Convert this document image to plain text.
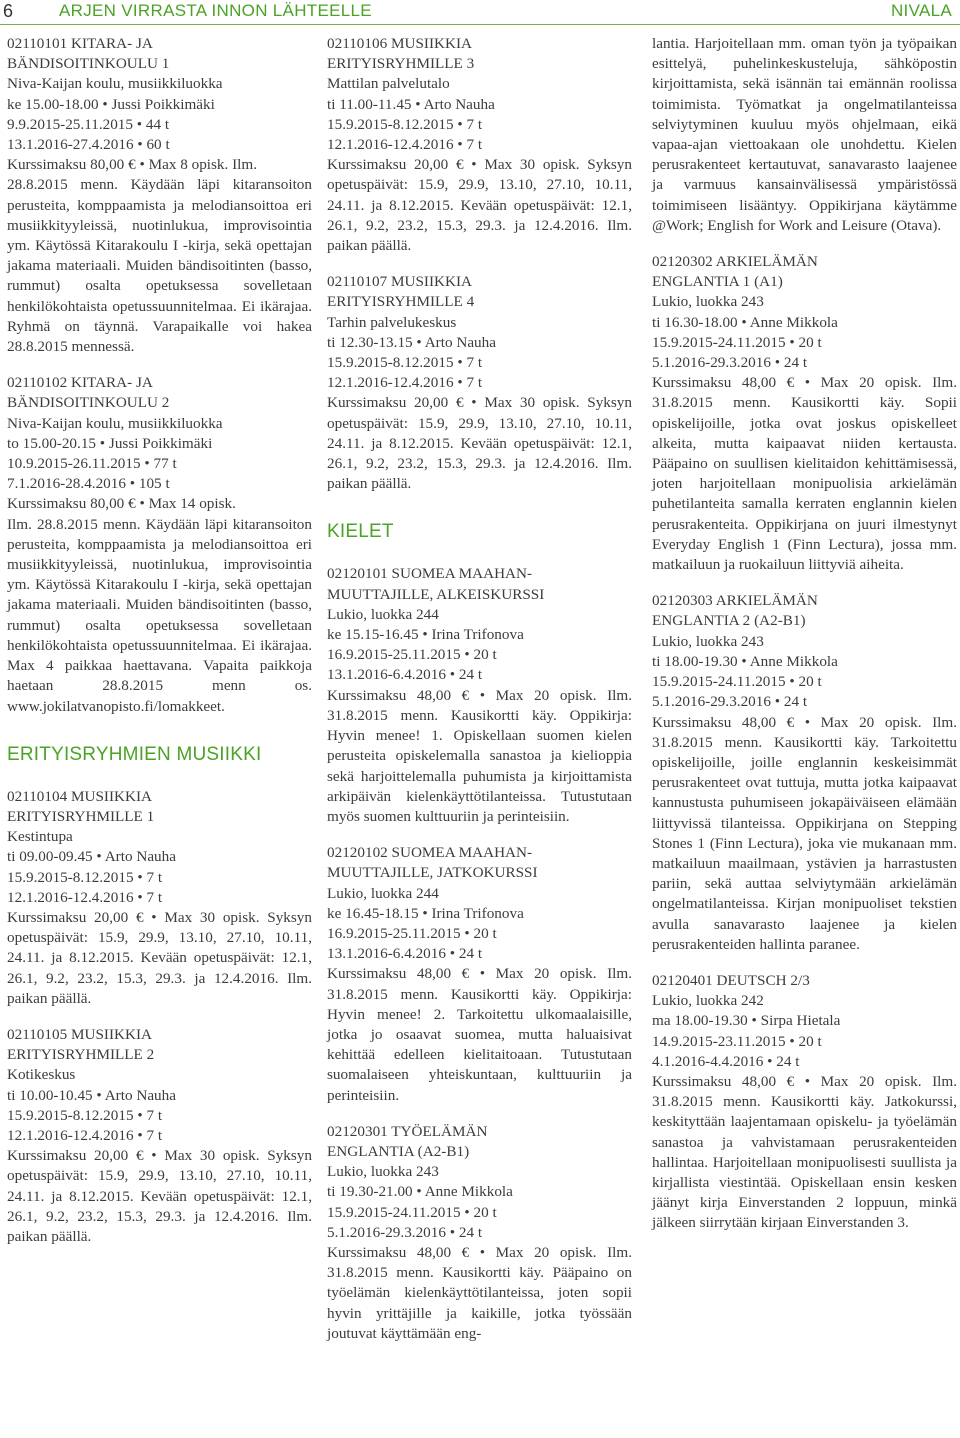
6	ARJEN VIRRASTA INNON LÄHTEELLE	NIVALA
02110101 KITARA- JA
BÄNDISOITINKOULU 1
Niva-Kaijan koulu, musiikkiluokka
ke 15.00-18.00 • Jussi Poikkimäki
9.9.2015-25.11.2015 • 44 t
13.1.2016-27.4.2016 • 60 t
Kurssimaksu 80,00 € • Max 8 opisk. Ilm.
28.8.2015 menn. Käydään läpi kitaransoiton perusteita, komppaamista ja melodiansoittoa eri musiikkityyleissä, nuotinlukua, improvisointia ym. Käytössä Kitarakoulu I -kirja, sekä opettajan jakama materiaali. Muiden bändisoitinten (basso, rummut) osalta opetuksessa sovelletaan henkilökohtaista opetussuunnitelmaa. Ei ikärajaa. Ryhmä on täynnä. Varapaikalle voi hakea 28.8.2015 mennessä.
02110102 KITARA- JA
BÄNDISOITINKOULU 2
Niva-Kaijan koulu, musiikkiluokka
to 15.00-20.15 • Jussi Poikkimäki
10.9.2015-26.11.2015 • 77 t
7.1.2016-28.4.2016 • 105 t
Kurssimaksu 80,00 € • Max 14 opisk.
Ilm. 28.8.2015 menn. Käydään läpi kitaransoiton perusteita, komppaamista ja melodiansoittoa eri musiikkityyleissä, nuotinlukua, improvisointia ym. Käytössä Kitarakoulu I -kirja, sekä opettajan jakama materiaali. Muiden bändisoitinten (basso, rummut) osalta opetuksessa sovelletaan henkilökohtaista opetussuunnitelmaa. Ei ikärajaa. Max 4 paikkaa haettavana. Vapaita paikkoja haetaan 28.8.2015 menn os. www.jokilatvanopisto.fi/lomakkeet.
ERITYISRYHMIEN MUSIIKKI
02110104 MUSIIKKIA
ERITYISRYHMILLE 1
Kestintupa
ti 09.00-09.45 • Arto Nauha
15.9.2015-8.12.2015 • 7 t
12.1.2016-12.4.2016 • 7 t
Kurssimaksu 20,00 € • Max 30 opisk. Syksyn opetuspäivät: 15.9, 29.9, 13.10, 27.10, 10.11, 24.11. ja 8.12.2015. Kevään opetuspäivät: 12.1, 26.1, 9.2, 23.2, 15.3, 29.3. ja 12.4.2016. Ilm. paikan päällä.
02110105 MUSIIKKIA
ERITYISRYHMILLE 2
Kotikeskus
ti 10.00-10.45 • Arto Nauha
15.9.2015-8.12.2015 • 7 t
12.1.2016-12.4.2016 • 7 t
Kurssimaksu 20,00 € • Max 30 opisk. Syksyn opetuspäivät: 15.9, 29.9, 13.10, 27.10, 10.11, 24.11. ja 8.12.2015. Kevään opetuspäivät: 12.1, 26.1, 9.2, 23.2, 15.3, 29.3. ja 12.4.2016. Ilm. paikan päällä.
02110106 MUSIIKKIA
ERITYISRYHMILLE 3
Mattilan palvelutalo
ti 11.00-11.45 • Arto Nauha
15.9.2015-8.12.2015 • 7 t
12.1.2016-12.4.2016 • 7 t
Kurssimaksu 20,00 € • Max 30 opisk. Syksyn opetuspäivät: 15.9, 29.9, 13.10, 27.10, 10.11, 24.11. ja 8.12.2015. Kevään opetuspäivät: 12.1, 26.1, 9.2, 23.2, 15.3, 29.3. ja 12.4.2016. Ilm. paikan päällä.
02110107 MUSIIKKIA
ERITYISRYHMILLE 4
Tarhin palvelukeskus
ti 12.30-13.15 • Arto Nauha
15.9.2015-8.12.2015 • 7 t
12.1.2016-12.4.2016 • 7 t
Kurssimaksu 20,00 € • Max 30 opisk. Syksyn opetuspäivät: 15.9, 29.9, 13.10, 27.10, 10.11, 24.11. ja 8.12.2015. Kevään opetuspäivät: 12.1, 26.1, 9.2, 23.2, 15.3, 29.3. ja 12.4.2016. Ilm. paikan päällä.
KIELET
02120101 SUOMEA MAAHAN-
MUUTTAJILLE, ALKEISKURSSI
Lukio, luokka 244
ke 15.15-16.45 • Irina Trifonova
16.9.2015-25.11.2015 • 20 t
13.1.2016-6.4.2016 • 24 t
Kurssimaksu 48,00 € • Max 20 opisk. Ilm. 31.8.2015 menn. Kausikortti käy. Oppikirja: Hyvin menee! 1. Opiskellaan suomen kielen perusteita opiskelemalla sanastoa ja kielioppia sekä harjoittelemalla puhumista ja kirjoittamista arkipäivän kielenkäyttötilanteissa. Tutustutaan myös suomen kulttuuriin ja perinteisiin.
02120102 SUOMEA MAAHAN-
MUUTTAJILLE, JATKOKURSSI
Lukio, luokka 244
ke 16.45-18.15 • Irina Trifonova
16.9.2015-25.11.2015 • 20 t
13.1.2016-6.4.2016 • 24 t
Kurssimaksu 48,00 € • Max 20 opisk. Ilm. 31.8.2015 menn. Kausikortti käy. Oppikirja: Hyvin menee! 2. Tarkoitettu ulkomaalaisille, jotka jo osaavat suomea, mutta haluaisivat kehittää edelleen kielitaitoaan. Tutustutaan suomalaiseen yhteiskuntaan, kulttuuriin ja perinteisiin.
02120301 TYÖELÄMÄN
ENGLANTIA (A2-B1)
Lukio, luokka 243
ti 19.30-21.00 • Anne Mikkola
15.9.2015-24.11.2015 • 20 t
5.1.2016-29.3.2016 • 24 t
Kurssimaksu 48,00 € • Max 20 opisk. Ilm. 31.8.2015 menn. Kausikortti käy. Pääpaino on työelämän kielenkäyttötilanteissa, joten sopii hyvin yrittäjille ja kaikille, jotka työssään joutuvat käyttämään eng-
lantia. Harjoitellaan mm. oman työn ja työpaikan esittelyä, puhelinkeskusteluja, sähköpostin kirjoittamista, sekä isännän tai emännän roolissa toimimista. Työmatkat ja ongelmatilanteissa selviytyminen kuuluu myös ohjelmaan, eikä vapaa-ajan viettoakaan ole unohdettu. Kielen perusrakenteet kertautuvat, sanavarasto laajenee ja varmuus kansainvälisessä ympäristössä toimimiseen lisääntyy. Oppikirjana käytämme @Work; English for Work and Leisure (Otava).
02120302 ARKIELÄMÄN
ENGLANTIA 1 (A1)
Lukio, luokka 243
ti 16.30-18.00 • Anne Mikkola
15.9.2015-24.11.2015 • 20 t
5.1.2016-29.3.2016 • 24 t
Kurssimaksu 48,00 € • Max 20 opisk. Ilm. 31.8.2015 menn. Kausikortti käy. Sopii opiskelijoille, jotka ovat joskus opiskelleet alkeita, mutta kaipaavat niiden kertausta. Pääpaino on suullisen kielitaidon kehittämisessä, joten harjoitellaan monipuolisia arkielämän puhetilanteita samalla kerraten englannin kielen perusrakenteita. Oppikirjana on juuri ilmestynyt Everyday English 1 (Finn Lectura), jossa mm. matkailuun ja ruokailuun liittyviä aiheita.
02120303 ARKIELÄMÄN
ENGLANTIA 2 (A2-B1)
Lukio, luokka 243
ti 18.00-19.30 • Anne Mikkola
15.9.2015-24.11.2015 • 20 t
5.1.2016-29.3.2016 • 24 t
Kurssimaksu 48,00 € • Max 20 opisk. Ilm. 31.8.2015 menn. Kausikortti käy. Tarkoitettu opiskelijoille, joille englannin keskeisimmät perusrakenteet ovat tuttuja, mutta jotka kaipaavat kannustusta puhumiseen jokapäiväiseen elämään liittyvissä tilanteissa. Oppikirjana on Stepping Stones 1 (Finn Lectura), joka vie mukanaan mm. matkailuun maailmaan, ystävien ja harrastusten pariin, sekä auttaa selviytymään arkielämän ongelmatilanteissa. Kirjan monipuoliset tekstien avulla sanavarasto laajenee ja kielen perusrakenteiden hallinta paranee.
02120401 DEUTSCH 2/3
Lukio, luokka 242
ma 18.00-19.30 • Sirpa Hietala
14.9.2015-23.11.2015 • 20 t
4.1.2016-4.4.2016 • 24 t
Kurssimaksu 48,00 € • Max 20 opisk. Ilm. 31.8.2015 menn. Kausikortti käy. Jatkokurssi, keskityttään laajentamaan opiskelu- ja työelämän sanastoa ja vahvistamaan perusrakenteiden hallintaa. Harjoitellaan monipuolisesti suullista ja kirjallista viestintää. Opiskellaan ensin kesken jäänyt kirja Einverstanden 2 loppuun, minkä jälkeen siirrytään kirjaan Einverstanden 3.
